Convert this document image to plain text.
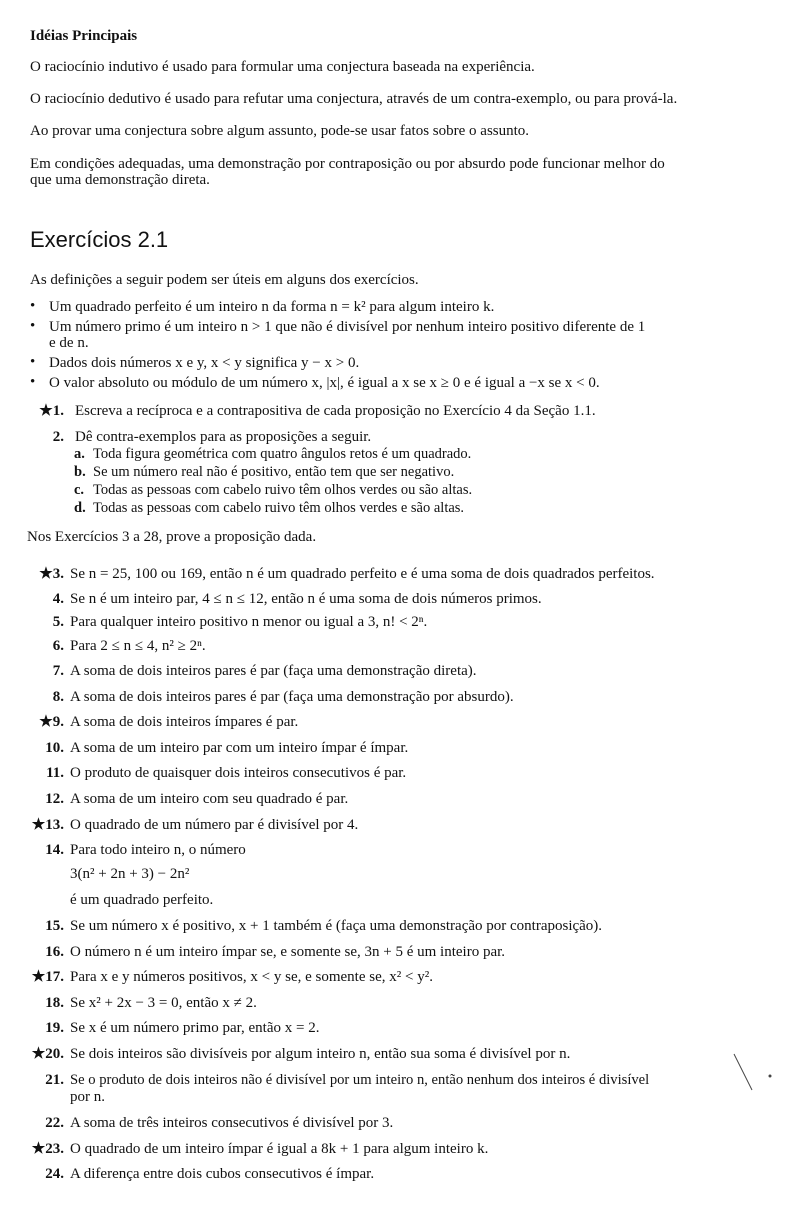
Idéias Principais
O raciocínio indutivo é usado para formular uma conjectura baseada na experiência.
O raciocínio dedutivo é usado para refutar uma conjectura, através de um contra-exemplo, ou para prová-la.
Ao provar uma conjectura sobre algum assunto, pode-se usar fatos sobre o assunto.
Em condições adequadas, uma demonstração por contraposição ou por absurdo pode funcionar melhor do
que uma demonstração direta.
Exercícios 2.1
As definições a seguir podem ser úteis em alguns dos exercícios.
• Um quadrado perfeito é um inteiro n da forma n = k² para algum inteiro k.
• Um número primo é um inteiro n > 1 que não é divisível por nenhum inteiro positivo diferente de 1
e de n.
• Dados dois números x e y, x < y significa y − x > 0.
• O valor absoluto ou módulo de um número x, |x|, é igual a x se x ≥ 0 e é igual a −x se x < 0.
★1. Escreva a recíproca e a contrapositiva de cada proposição no Exercício 4 da Seção 1.1.
2. Dê contra-exemplos para as proposições a seguir.
a. Toda figura geométrica com quatro ângulos retos é um quadrado.
b. Se um número real não é positivo, então tem que ser negativo.
c. Todas as pessoas com cabelo ruivo têm olhos verdes ou são altas.
d. Todas as pessoas com cabelo ruivo têm olhos verdes e são altas.
Nos Exercícios 3 a 28, prove a proposição dada.
★3. Se n = 25, 100 ou 169, então n é um quadrado perfeito e é uma soma de dois quadrados perfeitos.
4. Se n é um inteiro par, 4 ≤ n ≤ 12, então n é uma soma de dois números primos.
5. Para qualquer inteiro positivo n menor ou igual a 3, n! < 2ⁿ.
6. Para 2 ≤ n ≤ 4, n² ≥ 2ⁿ.
7. A soma de dois inteiros pares é par (faça uma demonstração direta).
8. A soma de dois inteiros pares é par (faça uma demonstração por absurdo).
★9. A soma de dois inteiros ímpares é par.
10. A soma de um inteiro par com um inteiro ímpar é ímpar.
11. O produto de quaisquer dois inteiros consecutivos é par.
12. A soma de um inteiro com seu quadrado é par.
★13. O quadrado de um número par é divisível por 4.
14. Para todo inteiro n, o número
3(n² + 2n + 3) − 2n²
é um quadrado perfeito.
15. Se um número x é positivo, x + 1 também é (faça uma demonstração por contraposição).
16. O número n é um inteiro ímpar se, e somente se, 3n + 5 é um inteiro par.
★17. Para x e y números positivos, x < y se, e somente se, x² < y².
18. Se x² + 2x − 3 = 0, então x ≠ 2.
19. Se x é um número primo par, então x = 2.
★20. Se dois inteiros são divisíveis por algum inteiro n, então sua soma é divisível por n.
21. Se o produto de dois inteiros não é divisível por um inteiro n, então nenhum dos inteiros é divisível
por n.
22. A soma de três inteiros consecutivos é divisível por 3.
★23. O quadrado de um inteiro ímpar é igual a 8k + 1 para algum inteiro k.
24. A diferença entre dois cubos consecutivos é ímpar.
